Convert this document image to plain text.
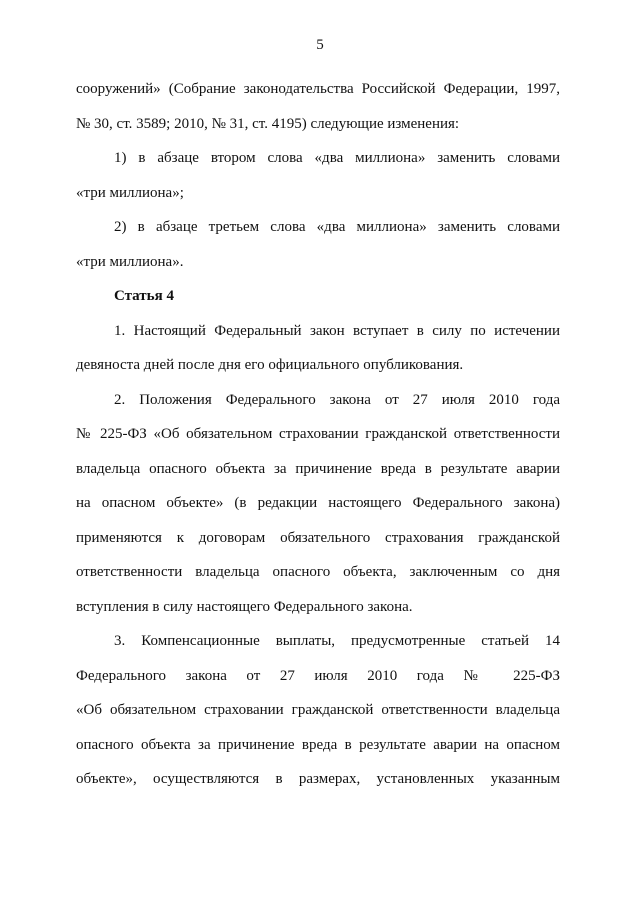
5
сооружений» (Собрание законодательства Российской Федерации, 1997,
№ 30, ст. 3589; 2010, № 31, ст. 4195) следующие изменения:
1) в абзаце втором слова «два миллиона» заменить словами
«три миллиона»;
2) в абзаце третьем слова «два миллиона» заменить словами
«три миллиона».
Статья 4
1. Настоящий Федеральный закон вступает в силу по истечении
девяноста дней после дня его официального опубликования.
2. Положения Федерального закона от 27 июля 2010 года
№ 225-ФЗ «Об обязательном страховании гражданской ответственности
владельца опасного объекта за причинение вреда в результате аварии
на опасном объекте» (в редакции настоящего Федерального закона)
применяются к договорам обязательного страхования гражданской
ответственности владельца опасного объекта, заключенным со дня
вступления в силу настоящего Федерального закона.
3. Компенсационные выплаты, предусмотренные статьей 14
Федерального закона от 27 июля 2010 года № 225-ФЗ
«Об обязательном страховании гражданской ответственности владельца
опасного объекта за причинение вреда в результате аварии на опасном
объекте», осуществляются в размерах, установленных указанным
